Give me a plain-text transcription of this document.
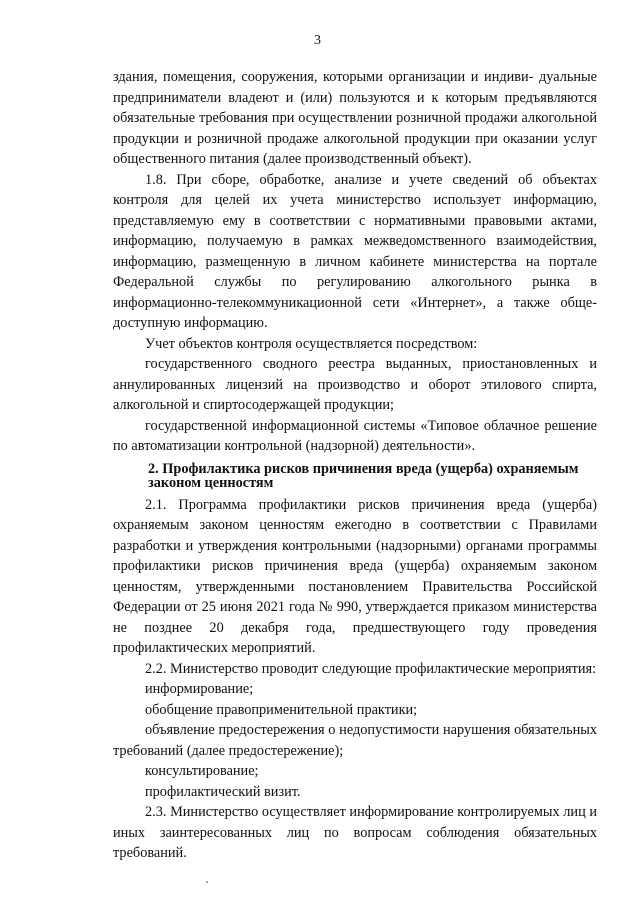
3

здания, помещения, сооружения, которыми организации и индиви- дуальные предприниматели владеют и (или) пользуются и к которым предъявляются обязательные требования при осуществлении розничной продажи алкогольной продукции и розничной продаже алкогольной продукции при оказании услуг общественного питания (далее производственный объект).

1.8. При сборе, обработке, анализе и учете сведений об объектах контроля для целей их учета министерство использует информацию, представляемую ему в соответствии с нормативными правовыми актами, информацию, получаемую в рамках межведомственного взаимодействия, информацию, размещенную в личном кабинете министерства на портале Федеральной службы по регулированию алкогольного рынка в информационно-телекоммуникационной сети «Интернет», а также обще- доступную информацию.

Учет объектов контроля осуществляется посредством:

государственного сводного реестра выданных, приостановленных и аннулированных лицензий на производство и оборот этилового спирта, алкогольной и спиртосодержащей продукции;

государственной информационной системы «Типовое облачное решение по автоматизации контрольной (надзорной) деятельности».

2. Профилактика рисков причинения вреда (ущерба) охраняемым законом ценностям

2.1. Программа профилактики рисков причинения вреда (ущерба) охраняемым законом ценностям ежегодно в соответствии с Правилами разработки и утверждения контрольными (надзорными) органами программы профилактики рисков причинения вреда (ущерба) охраняемым законом ценностям, утвержденными постановлением Правительства Российской Федерации от 25 июня 2021 года № 990, утверждается приказом министерства не позднее 20 декабря года, предшествующего году проведения профилактических мероприятий.

2.2. Министерство проводит следующие профилактические мероприятия:

информирование;

обобщение правоприменительной практики;

объявление предостережения о недопустимости нарушения обязательных требований (далее предостережение);

консультирование;

профилактический визит.

2.3. Министерство осуществляет информирование контролируемых лиц и иных заинтересованных лиц по вопросам соблюдения обязательных требований.
